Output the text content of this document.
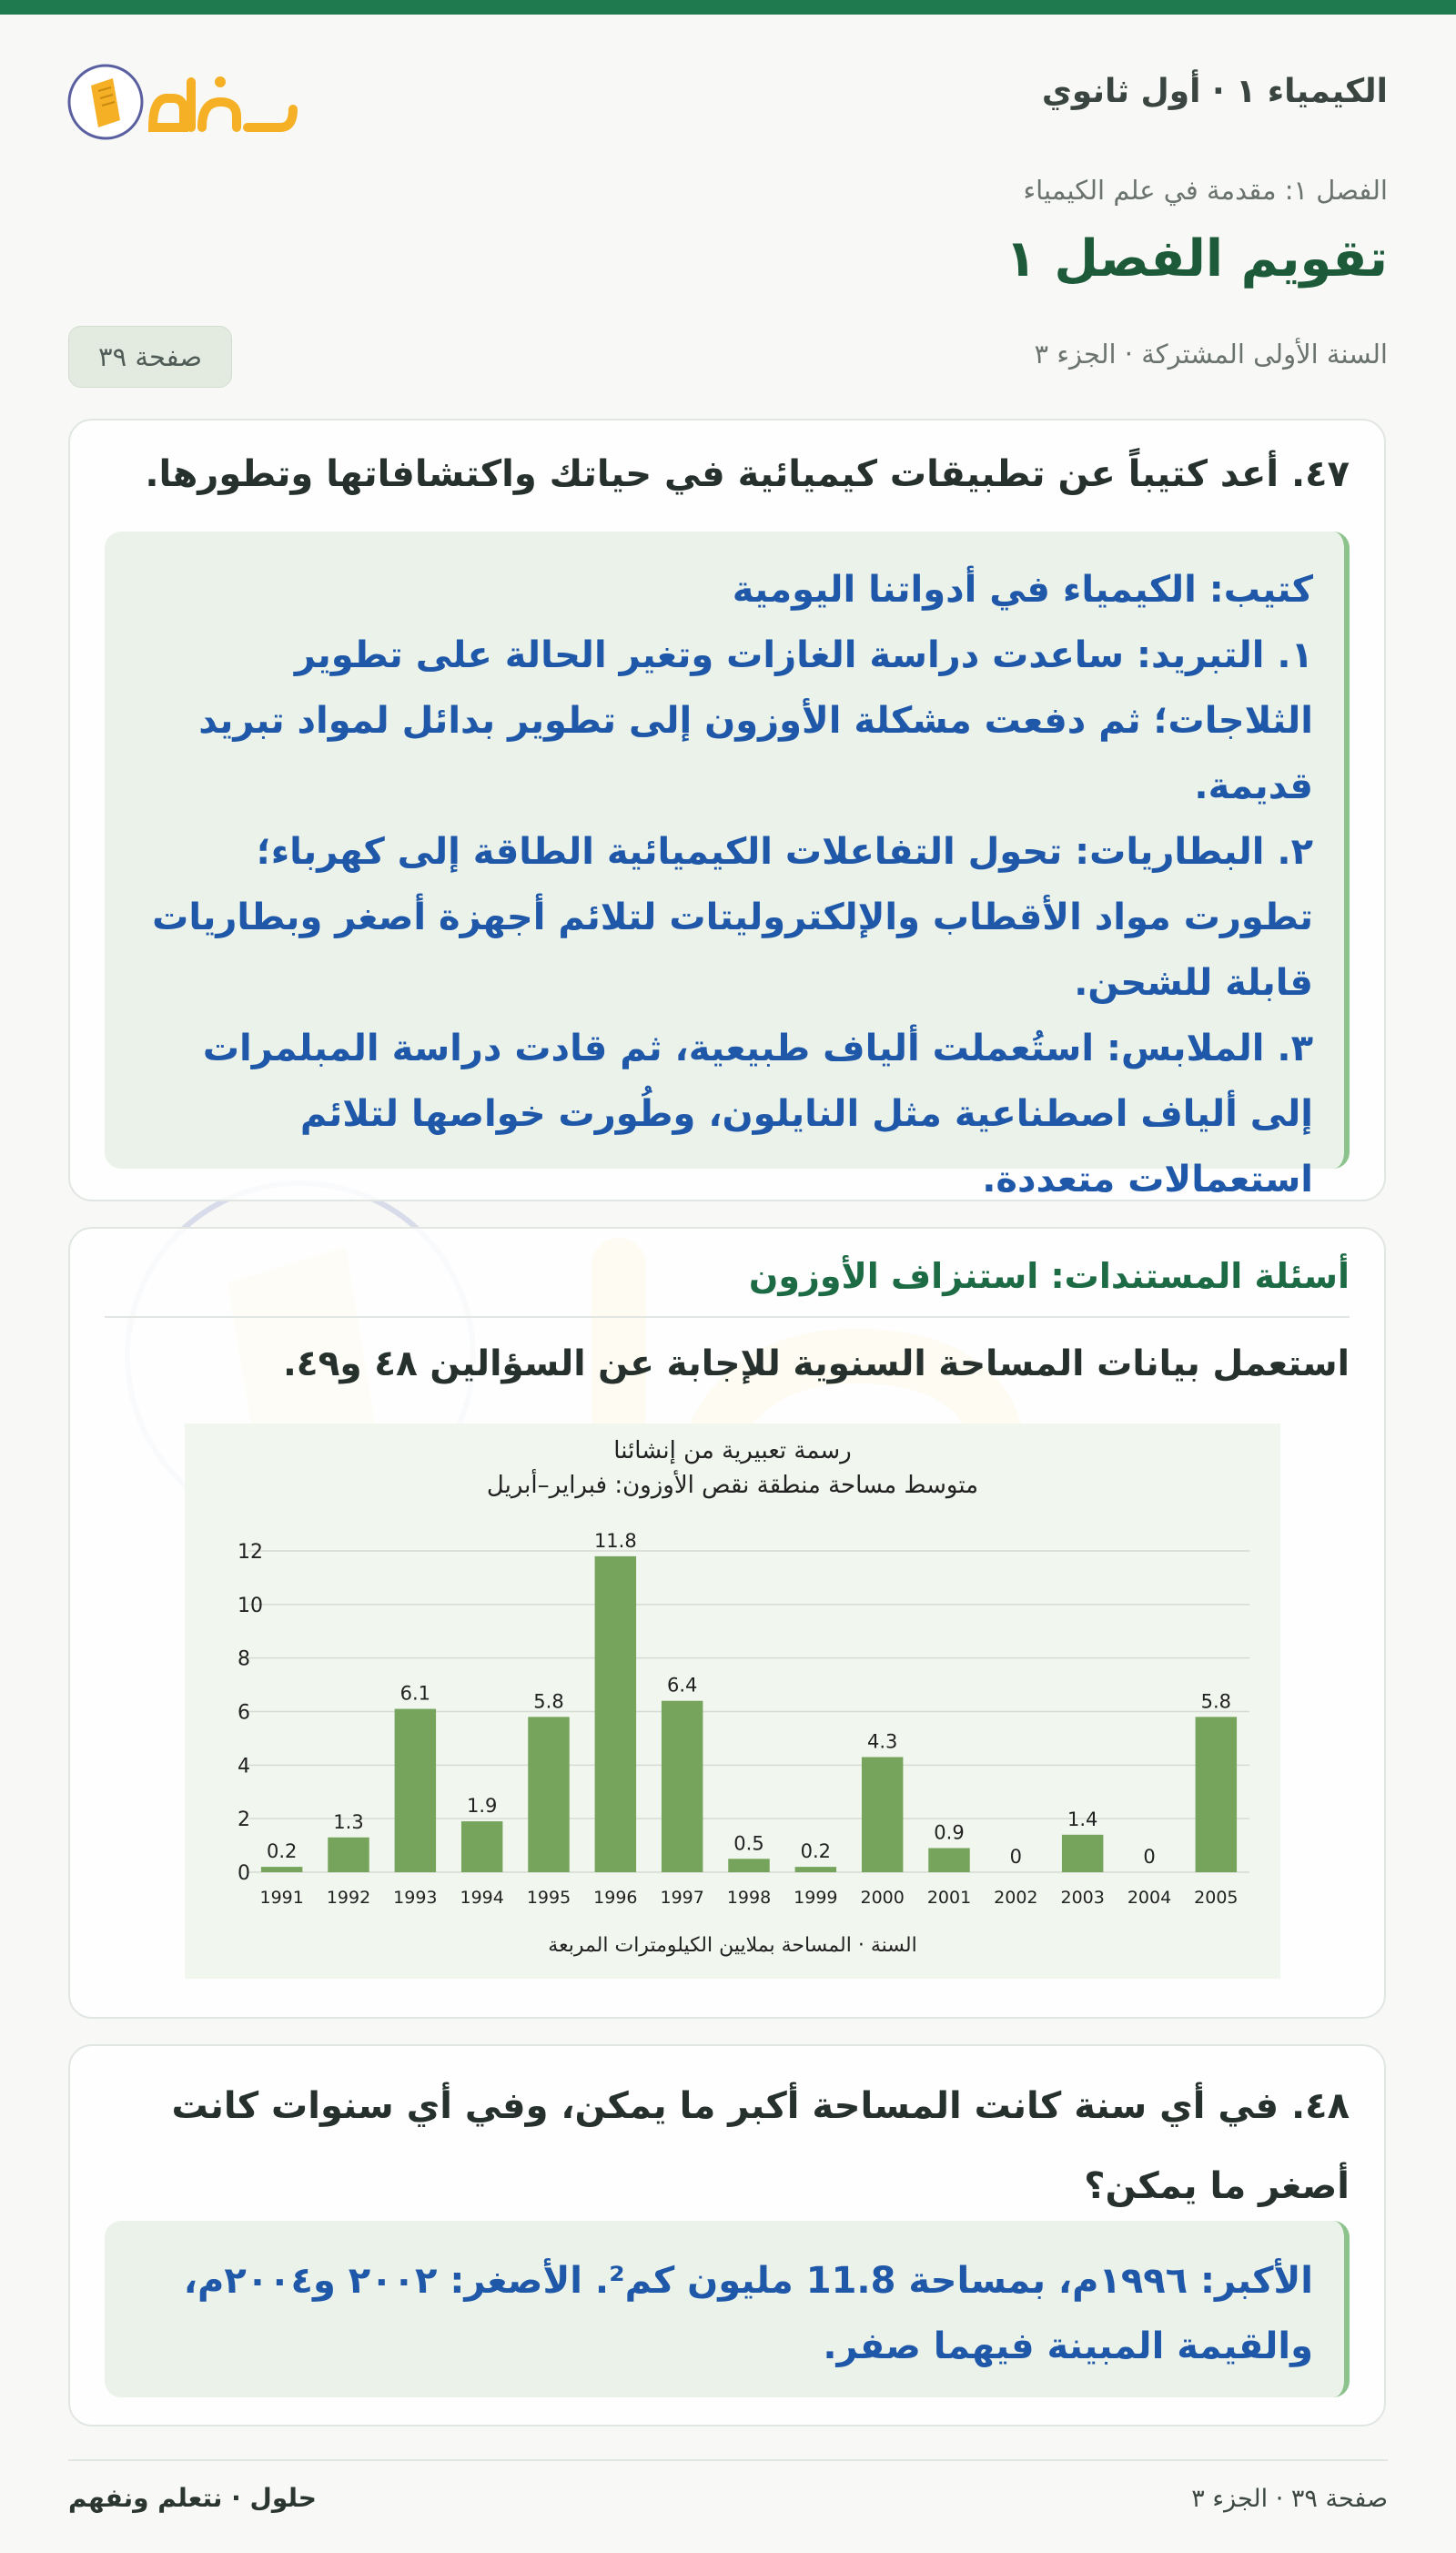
الكيمياء ١ · أول ثانوي
الفصل ١: مقدمة في علم الكيمياء
تقويم الفصل ١
السنة الأولى المشتركة · الجزء ٣
صفحة ٣٩

٤٧. أعد كتيباً عن تطبيقات كيميائية في حياتك واكتشافاتها وتطورها.

كتيب: الكيمياء في أدواتنا اليومية

١. التبريد: ساعدت دراسة الغازات وتغير الحالة على تطوير الثلاجات؛ ثم دفعت مشكلة الأوزون إلى تطوير بدائل لمواد تبريد قديمة.

٢. البطاريات: تحول التفاعلات الكيميائية الطاقة إلى كهرباء؛ تطورت مواد الأقطاب والإلكتروليتات لتلائم أجهزة أصغر وبطاريات قابلة للشحن.

٣. الملابس: استُعملت ألياف طبيعية، ثم قادت دراسة المبلمرات إلى ألياف اصطناعية مثل النايلون، وطُورت خواصها لتلائم استعمالات متعددة.

أسئلة المستندات: استنزاف الأوزون
استعمل بيانات المساحة السنوية للإجابة عن السؤالين ٤٨ و٤٩.
رسمة تعبيرية من إنشائنا
متوسط مساحة منطقة نقص الأوزون: فبراير–أبريل
0
2
4
6
8
10
12
0.2
1.3
6.1
1.9
5.8
11.8
6.4
0.5 0.2
4.3
0.9
0
1.4
0
5.8
1991 1992 1993 1994 1995 1996 1997 1998 1999 2000 2001 2002 2003 2004 2005
السنة · المساحة بملايين الكيلومترات المربعة

٤٨. في أي سنة كانت المساحة أكبر ما يمكن، وفي أي سنوات كانت أصغر ما يمكن؟

الأكبر: ١٩٩٦م، بمساحة 11.8 مليون كم². الأصغر: ٢٠٠٢ و٢٠٠٤م، والقيمة المبينة فيهما صفر.

صفحة ٣٩ · الجزء ٣
حلول · نتعلم ونفهم
